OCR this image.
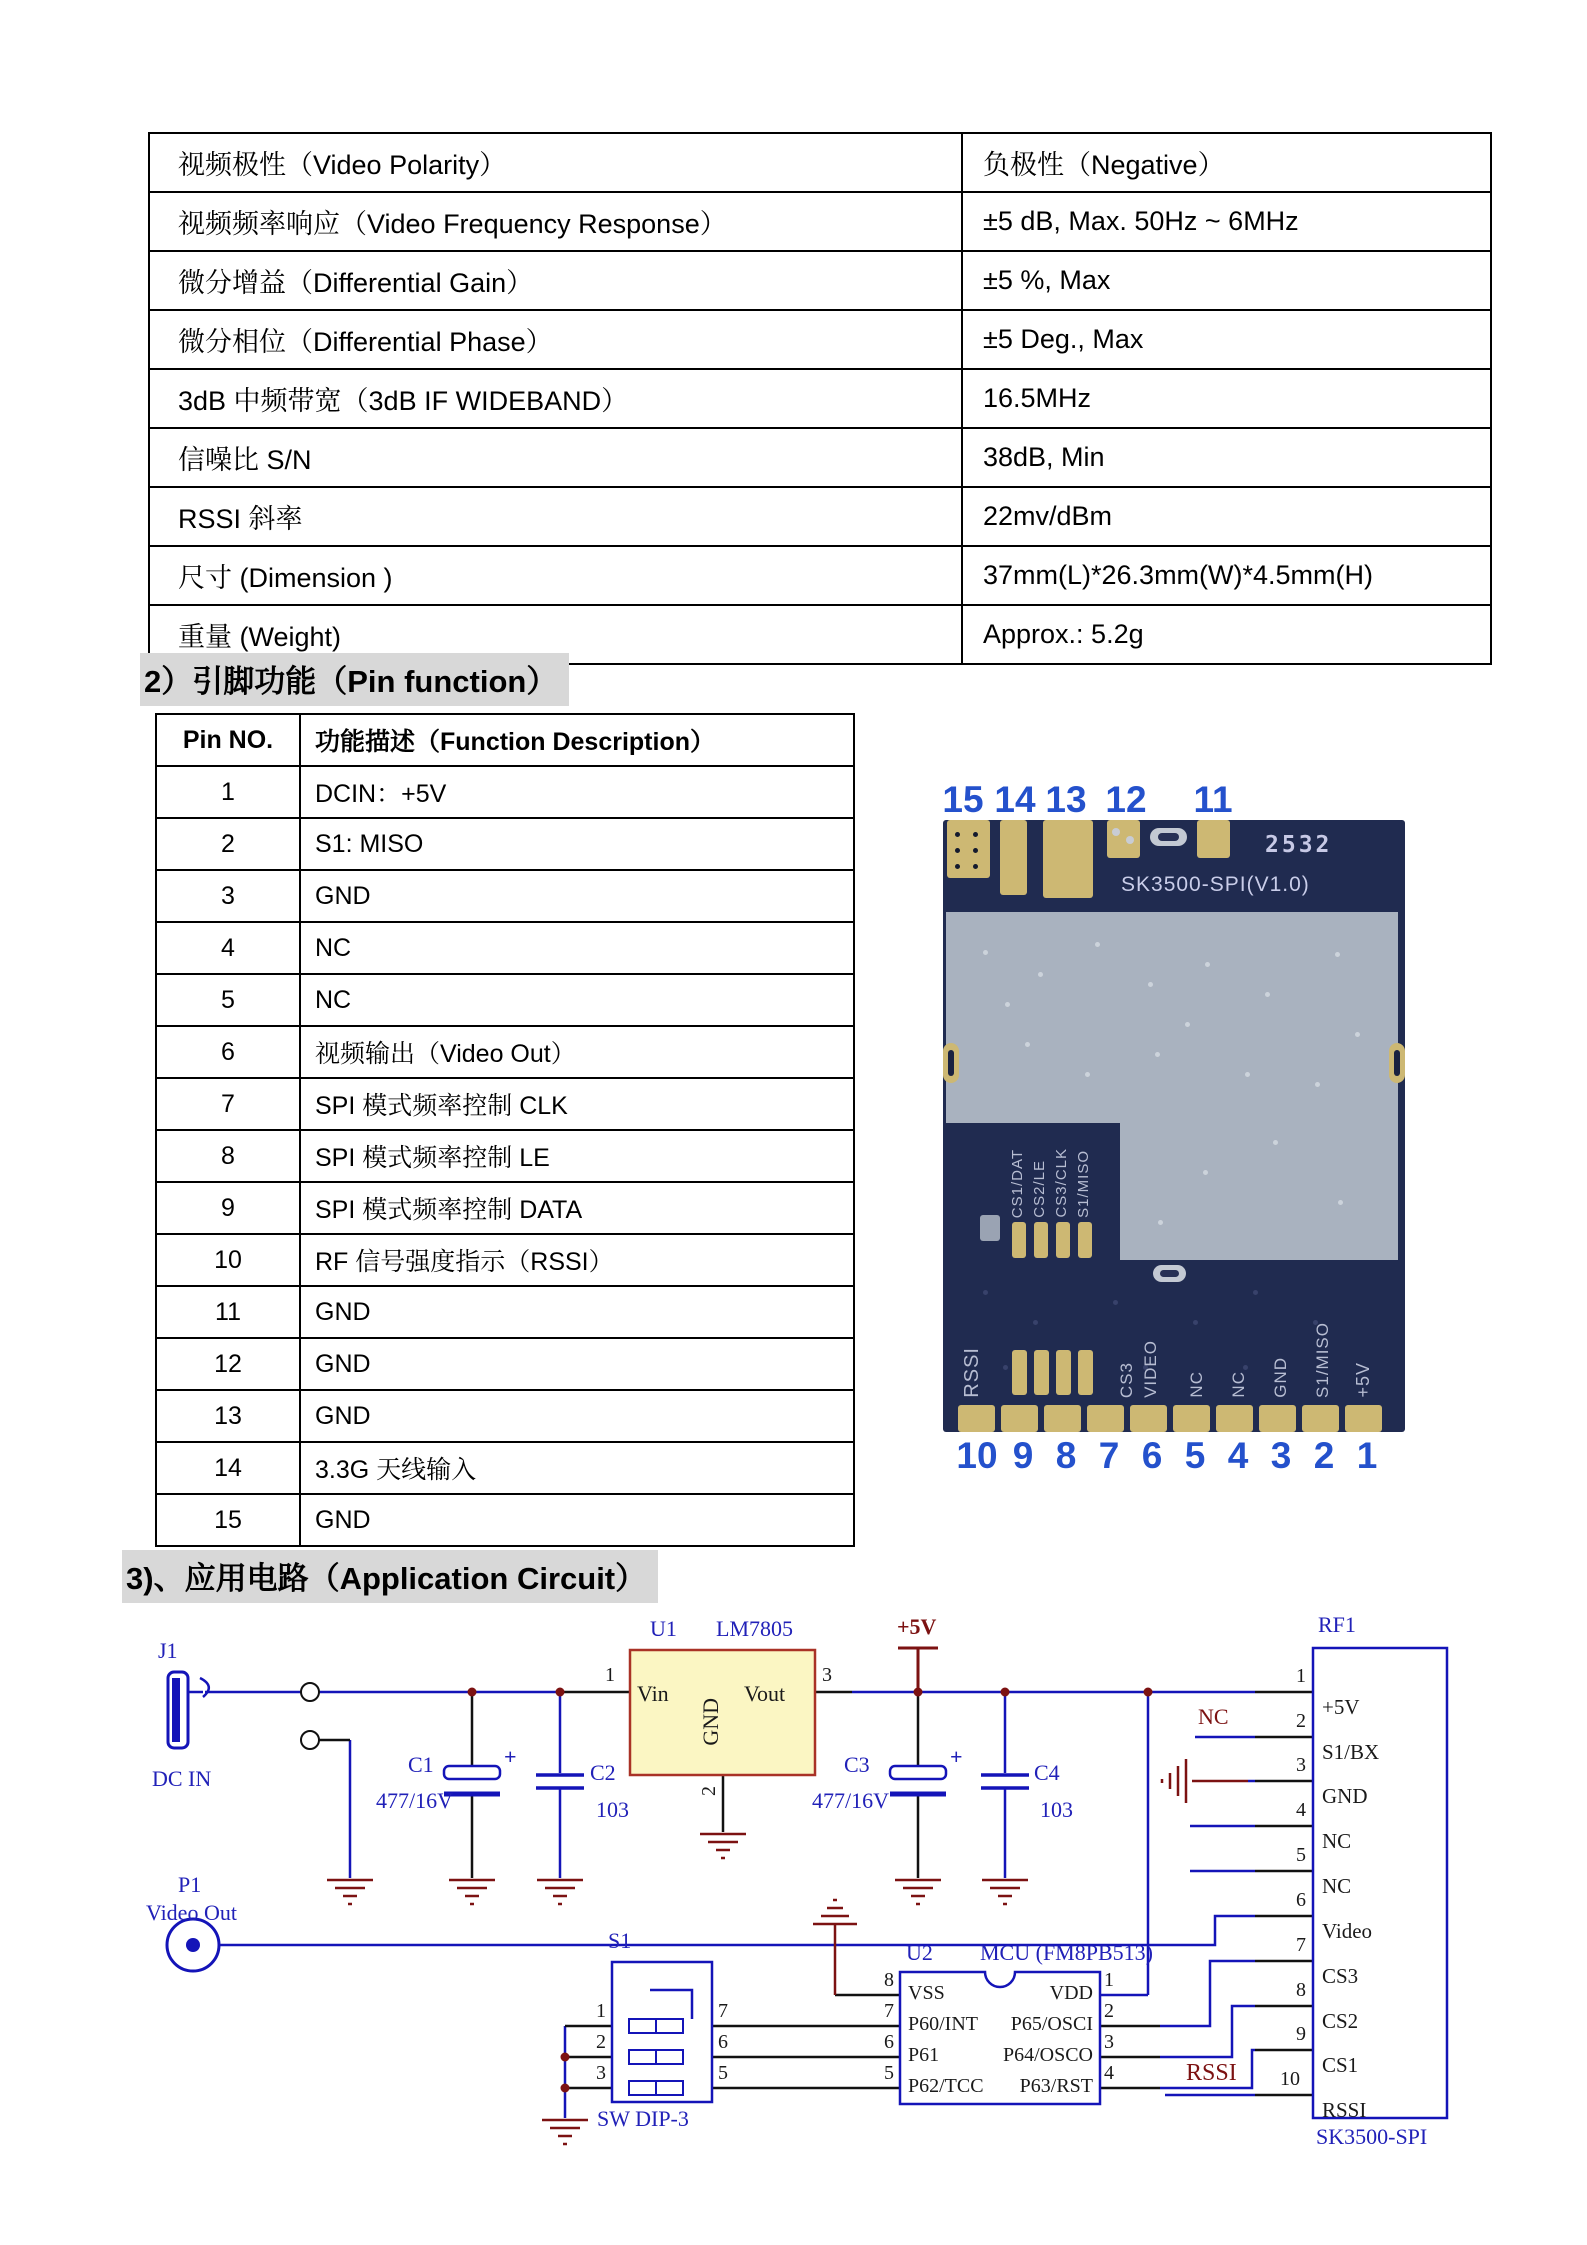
视频极性（Video Polarity）	负极性（Negative）
视频频率响应（Video Frequency Response）	±5 dB, Max. 50Hz ~ 6MHz
微分增益（Differential Gain）	±5 %, Max
微分相位（Differential Phase）	±5 Deg., Max
3dB 中频带宽（3dB IF WIDEBAND）	16.5MHz
信噪比 S/N	38dB, Min
RSSI 斜率	22mv/dBm
尺寸 (Dimension )	37mm(L)*26.3mm(W)*4.5mm(H)
重量 (Weight)	Approx.: 5.2g
2）引脚功能（Pin function）
Pin NO.	功能描述（Function Description）
1	DCIN：+5V
2	S1: MISO
3	GND
4	NC
5	NC
6	视频输出（Video Out）
7	SPI 模式频率控制 CLK
8	SPI 模式频率控制 LE
9	SPI 模式频率控制 DATA
10	RF 信号强度指示（RSSI）
11	GND
12	GND
13	GND
14	3.3G 天线输入
15	GND
15 14 13 12 11
2532
SK3500-SPI(V1.0)
CS1/DAT CS2/LE CS3/CLK S1/MISO
RSSI	CS3 VIDEO NC NC GND S1/MISO +5V
10 9 8 7 6 5 4 3 2 1
3)、应用电路（Application Circuit）
J1
DC IN
U1 LM7805
Vin	Vout
GND
1	3
2
C1
477/16V
+
C2
103
+5V
C3
477/16V
+
C4
103
P1
Video Out
S1
SW DIP-3
1
2
3
7
6
5
U2 MCU (FM8PB513)
VSS
P60/INT
P61
P62/TCC
VDD
P65/OSCI
P64/OSCO
P63/RST
8
7
6
5
1
2
3
4
RF1
SK3500-SPI
+5V
S1/BX
GND
NC
NC
Video
CS3
CS2
CS1
RSSI
1
2
3
4
5
6
7
8
9
10
NC
RSSI
